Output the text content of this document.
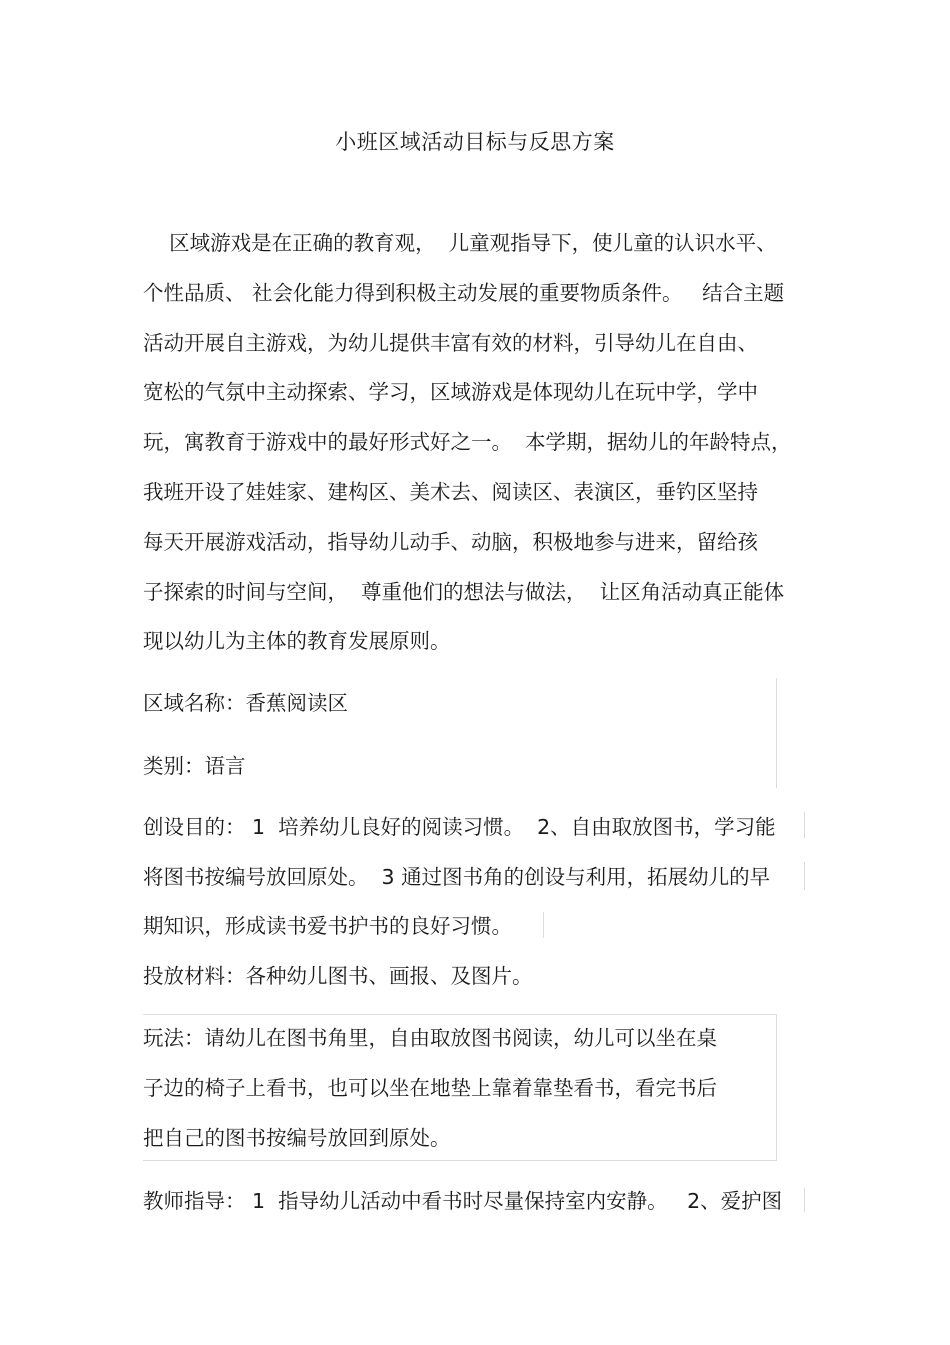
小班区域活动目标与反思方案
区域游戏是在正确的教育观，  儿童观指导下，使儿童的认识水平、
个性品质、 社会化能力得到积极主动发展的重要物质条件。   结合主题
活动开展自主游戏，为幼儿提供丰富有效的材料，引导幼儿在自由、
宽松的气氛中主动探索、学习，区域游戏是体现幼儿在玩中学，学中
玩，寓教育于游戏中的最好形式好之一。  本学期，据幼儿的年龄特点，
我班开设了娃娃家、建构区、美术去、阅读区、表演区，垂钓区坚持
每天开展游戏活动，指导幼儿动手、动脑，积极地参与进来，留给孩
子探索的时间与空间，  尊重他们的想法与做法，  让区角活动真正能体
现以幼儿为主体的教育发展原则。
区域名称：香蕉阅读区
类别：语言
创设目的： 1  培养幼儿良好的阅读习惯。  2、自由取放图书，学习能
将图书按编号放回原处。  3 通过图书角的创设与利用，拓展幼儿的早
期知识，形成读书爱书护书的良好习惯。
投放材料：各种幼儿图书、画报、及图片。
玩法：请幼儿在图书角里，自由取放图书阅读，幼儿可以坐在桌
子边的椅子上看书，也可以坐在地垫上靠着靠垫看书，看完书后
把自己的图书按编号放回到原处。
教师指导： 1  指导幼儿活动中看书时尽量保持室内安静。   2、爱护图
